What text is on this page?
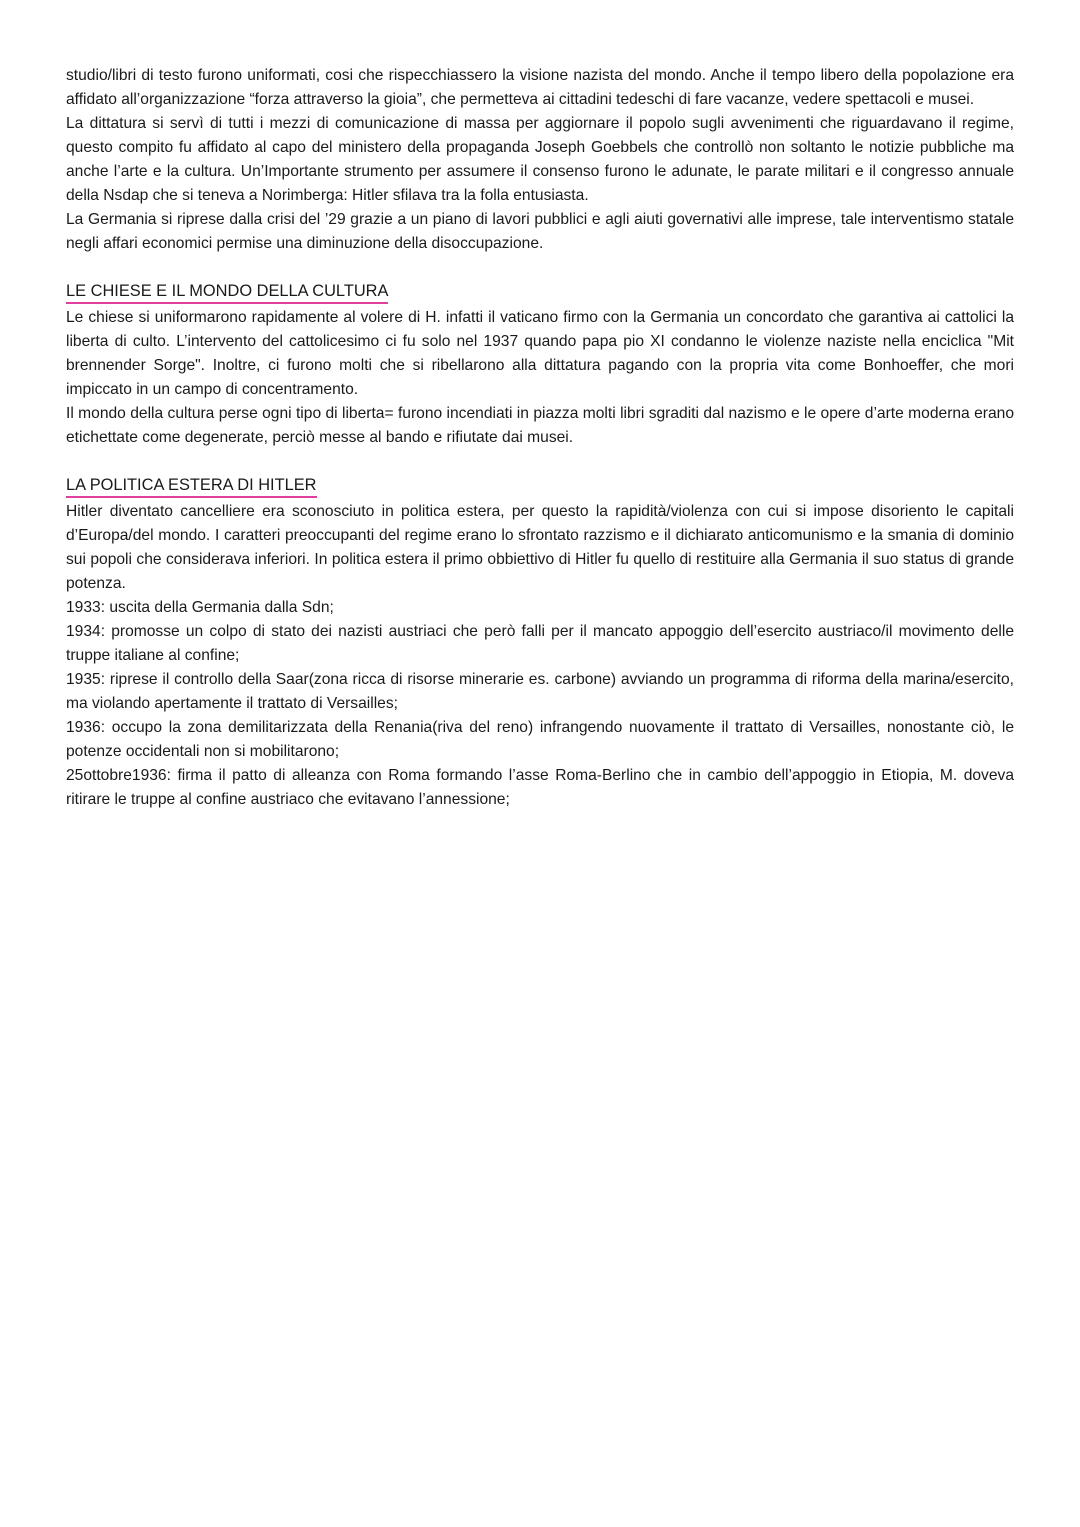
studio/libri di testo furono uniformati, cosi che rispecchiassero la visione nazista del mondo. Anche il tempo libero della popolazione era affidato all’organizzazione “forza attraverso la gioia”, che permetteva ai cittadini tedeschi di fare vacanze, vedere spettacoli e musei.

La dittatura si servì di tutti i mezzi di comunicazione di massa per aggiornare il popolo sugli avvenimenti che riguardavano il regime, questo compito fu affidato al capo del ministero della propaganda Joseph Goebbels che controllò non soltanto le notizie pubbliche ma anche l’arte e la cultura. Un’Importante strumento per assumere il consenso furono le adunate, le parate militari e il congresso annuale della Nsdap che si teneva a Norimberga: Hitler sfilava tra la folla entusiasta.

La Germania si riprese dalla crisi del ’29 grazie a un piano di lavori pubblici e agli aiuti governativi alle imprese, tale interventismo statale negli affari economici permise una diminuzione della disoccupazione.

LE CHIESE E IL MONDO DELLA CULTURA

Le chiese si uniformarono rapidamente al volere di H. infatti il vaticano firmo con la Germania un concordato che garantiva ai cattolici la liberta di culto. L’intervento del cattolicesimo ci fu solo nel 1937 quando papa pio XI condanno le violenze naziste nella enciclica "Mit brennender Sorge". Inoltre, ci furono molti che si ribellarono alla dittatura pagando con la propria vita come Bonhoeffer, che mori impiccato in un campo di concentramento.

Il mondo della cultura perse ogni tipo di liberta= furono incendiati in piazza molti libri sgraditi dal nazismo e le opere d’arte moderna erano etichettate come degenerate, perciò messe al bando e rifiutate dai musei.

LA POLITICA ESTERA DI HITLER

Hitler diventato cancelliere era sconosciuto in politica estera, per questo la rapidità/violenza con cui si impose disoriento le capitali d’Europa/del mondo. I caratteri preoccupanti del regime erano lo sfrontato razzismo e il dichiarato anticomunismo e la smania di dominio sui popoli che considerava inferiori. In politica estera il primo obbiettivo di Hitler fu quello di restituire alla Germania il suo status di grande potenza.

1933: uscita della Germania dalla Sdn;

1934: promosse un colpo di stato dei nazisti austriaci che però falli per il mancato appoggio dell’esercito austriaco/il movimento delle truppe italiane al confine;

1935: riprese il controllo della Saar(zona ricca di risorse minerarie es. carbone) avviando un programma di riforma della marina/esercito, ma violando apertamente il trattato di Versailles;

1936: occupo la zona demilitarizzata della Renania(riva del reno) infrangendo nuovamente il trattato di Versailles, nonostante ciò, le potenze occidentali non si mobilitarono;

25ottobre1936: firma il patto di alleanza con Roma formando l’asse Roma-Berlino che in cambio dell’appoggio in Etiopia, M. doveva ritirare le truppe al confine austriaco che evitavano l’annessione;
